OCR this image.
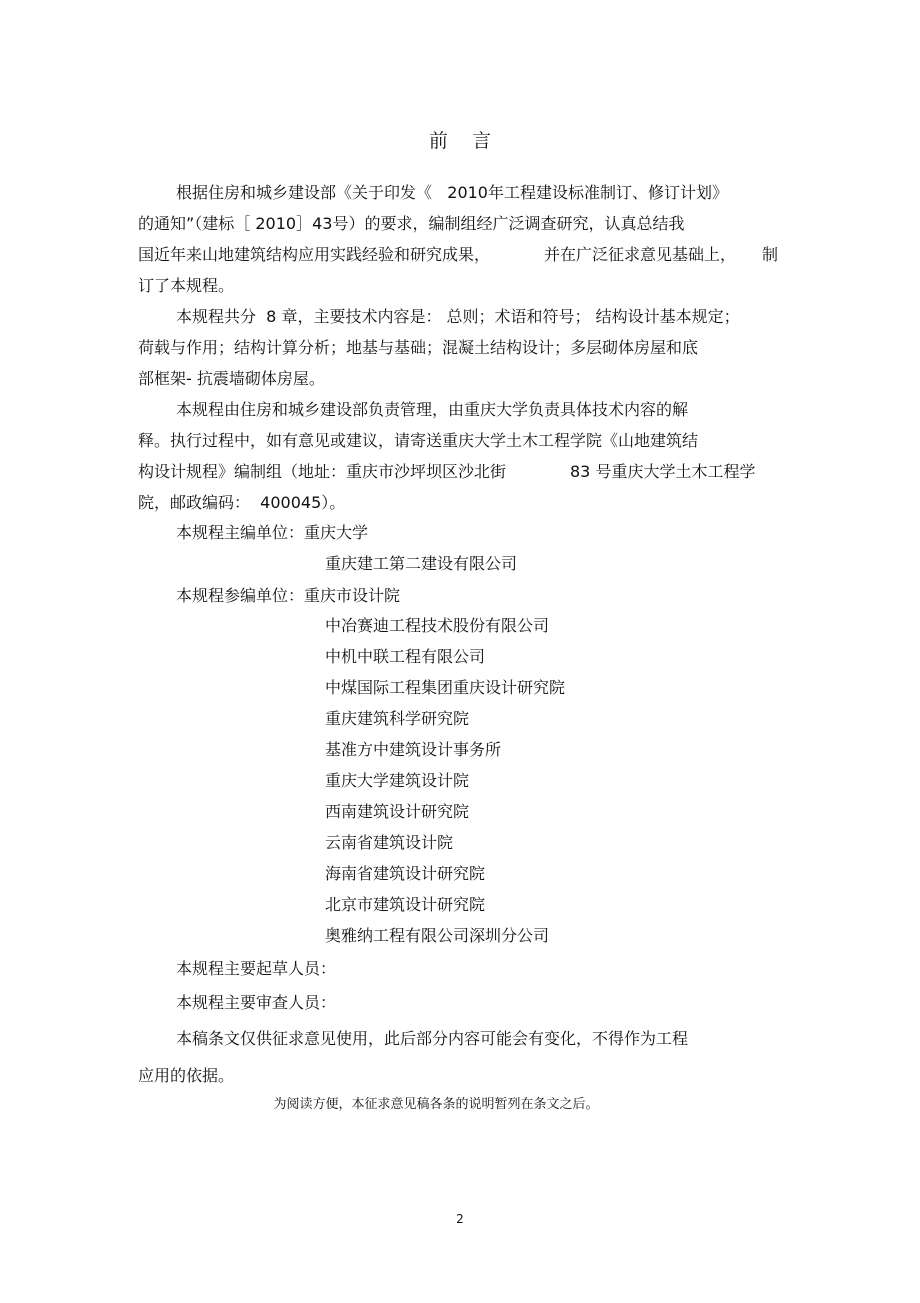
前    言
根据住房和城乡建设部《关于印发《   2010年工程建设标准制订、修订计划》
的通知”（建标［ 2010］43号）的要求，编制组经广泛调查研究，认真总结我
国近年来山地建筑结构应用实践经验和研究成果，	并在广泛征求意见基础上， 制
订了本规程。
本规程共分  8 章，主要技术内容是： 总则；术语和符号； 结构设计基本规定；
荷载与作用；结构计算分析；地基与基础；混凝土结构设计；多层砌体房屋和底
部框架- 抗震墙砌体房屋。
本规程由住房和城乡建设部负责管理，由重庆大学负责具体技术内容的解
释。执行过程中，如有意见或建议，请寄送重庆大学土木工程学院《山地建筑结
构设计规程》编制组（地址：重庆市沙坪坝区沙北街	83 号重庆大学土木工程学
院，邮政编码：  400045）。
本规程主编单位：重庆大学
重庆建工第二建设有限公司
本规程参编单位：重庆市设计院
中冶赛迪工程技术股份有限公司
中机中联工程有限公司
中煤国际工程集团重庆设计研究院
重庆建筑科学研究院
基准方中建筑设计事务所
重庆大学建筑设计院
西南建筑设计研究院
云南省建筑设计院
海南省建筑设计研究院
北京市建筑设计研究院
奥雅纳工程有限公司深圳分公司
本规程主要起草人员：
本规程主要审查人员：
本稿条文仅供征求意见使用，此后部分内容可能会有变化，不得作为工程
应用的依据。
为阅读方便，本征求意见稿各条的说明暂列在条文之后。
2
